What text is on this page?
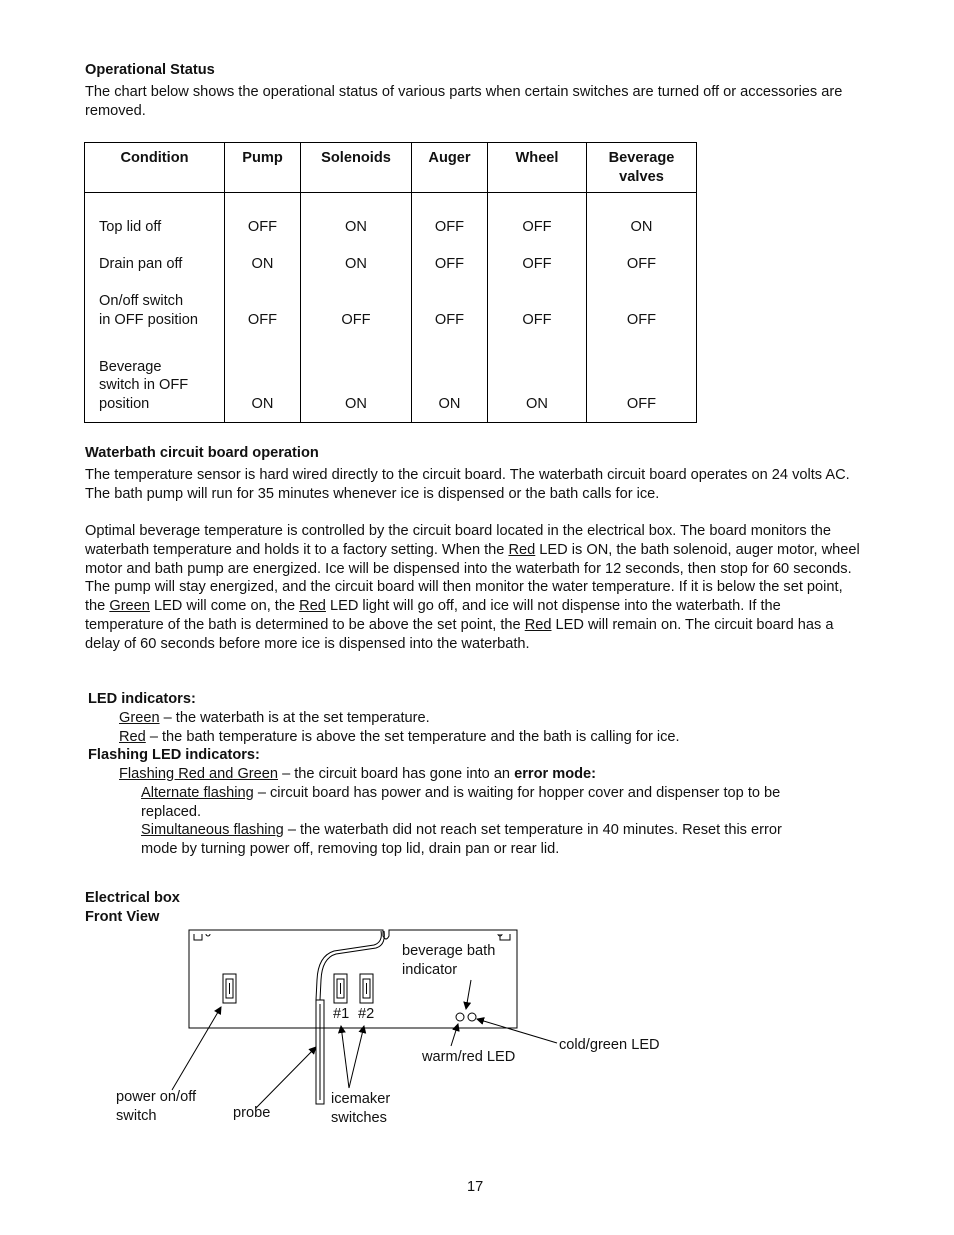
Operational Status

The chart below shows the operational status of various parts when certain switches are turned off or accessories are removed.

Condition	Pump	Solenoids	Auger	Wheel	Beverage valves
Top lid off	OFF	ON	OFF	OFF	ON
Drain pan off	ON	ON	OFF	OFF	OFF

On/off switch
in OFF position	OFF	OFF	OFF	OFF	OFF

Beverage
switch in OFF
position	ON	ON	ON	ON	OFF
Waterbath circuit board operation

The temperature sensor is hard wired directly to the circuit board. The waterbath circuit board operates on 24 volts AC. The bath pump will run for 35 minutes whenever ice is dispensed or the bath calls for ice.

Optimal beverage temperature is controlled by the circuit board located in the electrical box. The board monitors the waterbath temperature and holds it to a factory setting. When the Red LED is ON, the bath solenoid, auger motor, wheel motor and bath pump are energized. Ice will be dispensed into the waterbath for 12 seconds, then stop for 60 seconds. The pump will stay energized, and the circuit board will then monitor the water temperature. If it is below the set point, the Green LED will come on, the Red LED light will go off, and ice will not dispense into the waterbath. If the temperature of the bath is determined to be above the set point, the Red LED will remain on. The circuit board has a delay of 60 seconds before more ice is dispensed into the waterbath.

LED indicators:
Green – the waterbath is at the set temperature.
Red – the bath temperature is above the set temperature and the bath is calling for ice.
Flashing LED indicators:
Flashing Red and Green – the circuit board has gone into an error mode:
Alternate flashing – circuit board has power and is waiting for hopper cover and dispenser top to be
replaced.
Simultaneous flashing – the waterbath did not reach set temperature in 40 minutes. Reset this error
mode by turning power off, removing top lid, drain pan or rear lid.
Electrical box
Front View
beverage bath
indicator
#1 #2
cold/green LED
warm/red LED
power on/off
switch	probe
icemaker
switches
17
